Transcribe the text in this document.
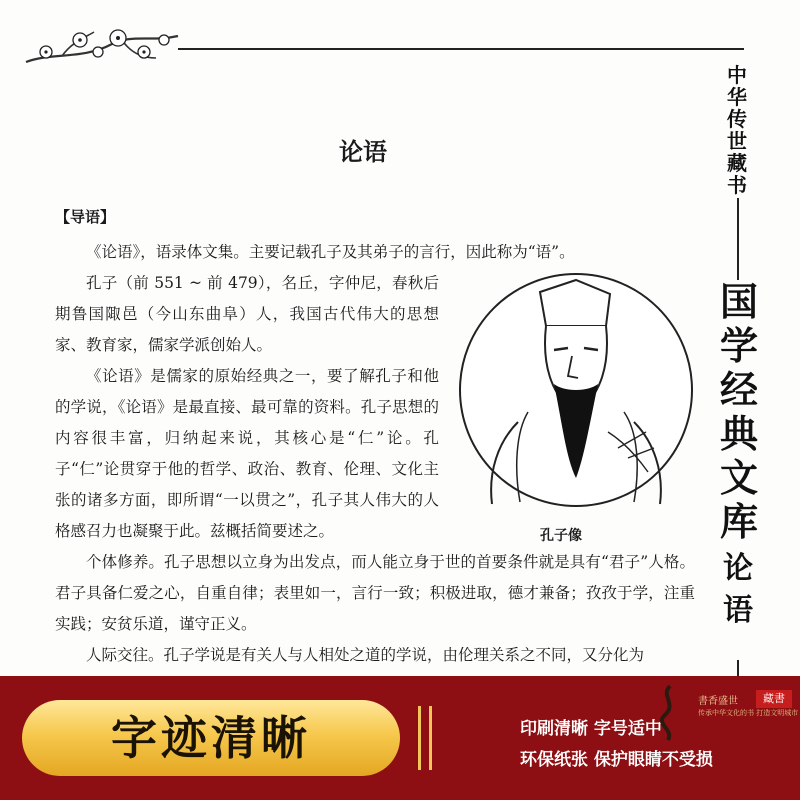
中华传世藏书
国学经典文库
论语
论语
【导语】

《论语》，语录体文集。主要记载孔子及其弟子的言行，因此称为“语”。

孔子（前 551 ~ 前 479），名丘，字仲尼，春秋后期鲁国陬邑（今山东曲阜）人，我国古代伟大的思想家、教育家，儒家学派创始人。

《论语》是儒家的原始经典之一，要了解孔子和他的学说，《论语》是最直接、最可靠的资料。孔子思想的内容很丰富，归纳起来说，其核心是“仁”论。孔子“仁”论贯穿于他的哲学、政治、教育、伦理、文化主张的诸多方面，即所谓“一以贯之”，孔子其人伟大的人格感召力也凝聚于此。兹概括简要述之。

个体修养。孔子思想以立身为出发点，而人能立身于世的首要条件就是具有“君子”人格。君子具备仁爱之心，自重自律；表里如一，言行一致；积极进取，德才兼备；孜孜于学，注重实践；安贫乐道，谨守正义。

人际交往。孔子学说是有关人与人相处之道的学说，由伦理关系之不同，又分化为

孔子像
字迹清晰	印刷清晰 字号适中
环保纸张 保护眼睛不受损
書香盛世
传承中华文化的书 打造文明城市
藏書
